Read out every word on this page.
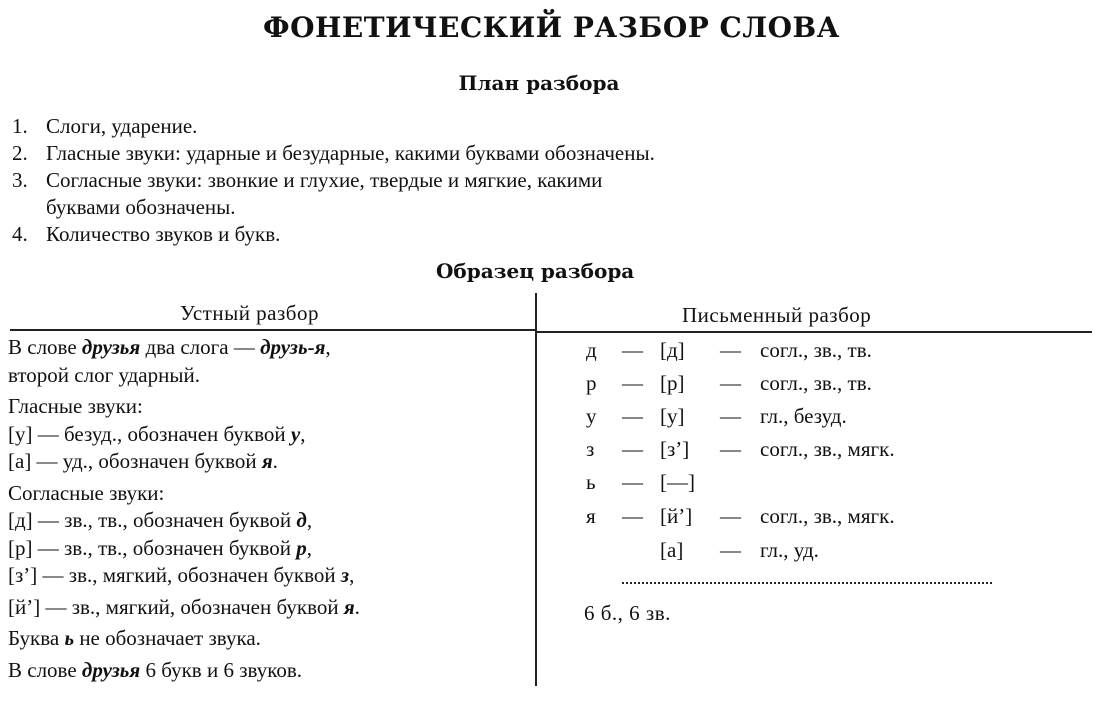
ФОНЕТИЧЕСКИЙ РАЗБОР СЛОВА
План разбора
1. Слоги, ударение.
2. Гласные звуки: ударные и безударные, какими буквами обозначены.
3. Согласные звуки: звонкие и глухие, твердые и мягкие, какими
буквами обозначены.
4. Количество звуков и букв.
Образец разбора
Устный разбор	Письменный разбор
В слове друзья два слога — друзь-я,
второй слог ударный.
Гласные звуки:
[у] — безуд., обозначен буквой у,
[а] — уд., обозначен буквой я.
Согласные звуки:
[д] — зв., тв., обозначен буквой д,
[р] — зв., тв., обозначен буквой р,
[з’] — зв., мягкий, обозначен буквой з,
[й’] — зв., мягкий, обозначен буквой я.
Буква ь не обозначает звука.
В слове друзья 6 букв и 6 звуков.
д — [д] — согл., зв., тв.
р — [р] — согл., зв., тв.
у — [у] — гл., безуд.
з — [з’] — согл., зв., мягк.
ь — [—]
я — [й’] — согл., зв., мягк.
[а] — гл., уд.
6 б., 6 зв.
